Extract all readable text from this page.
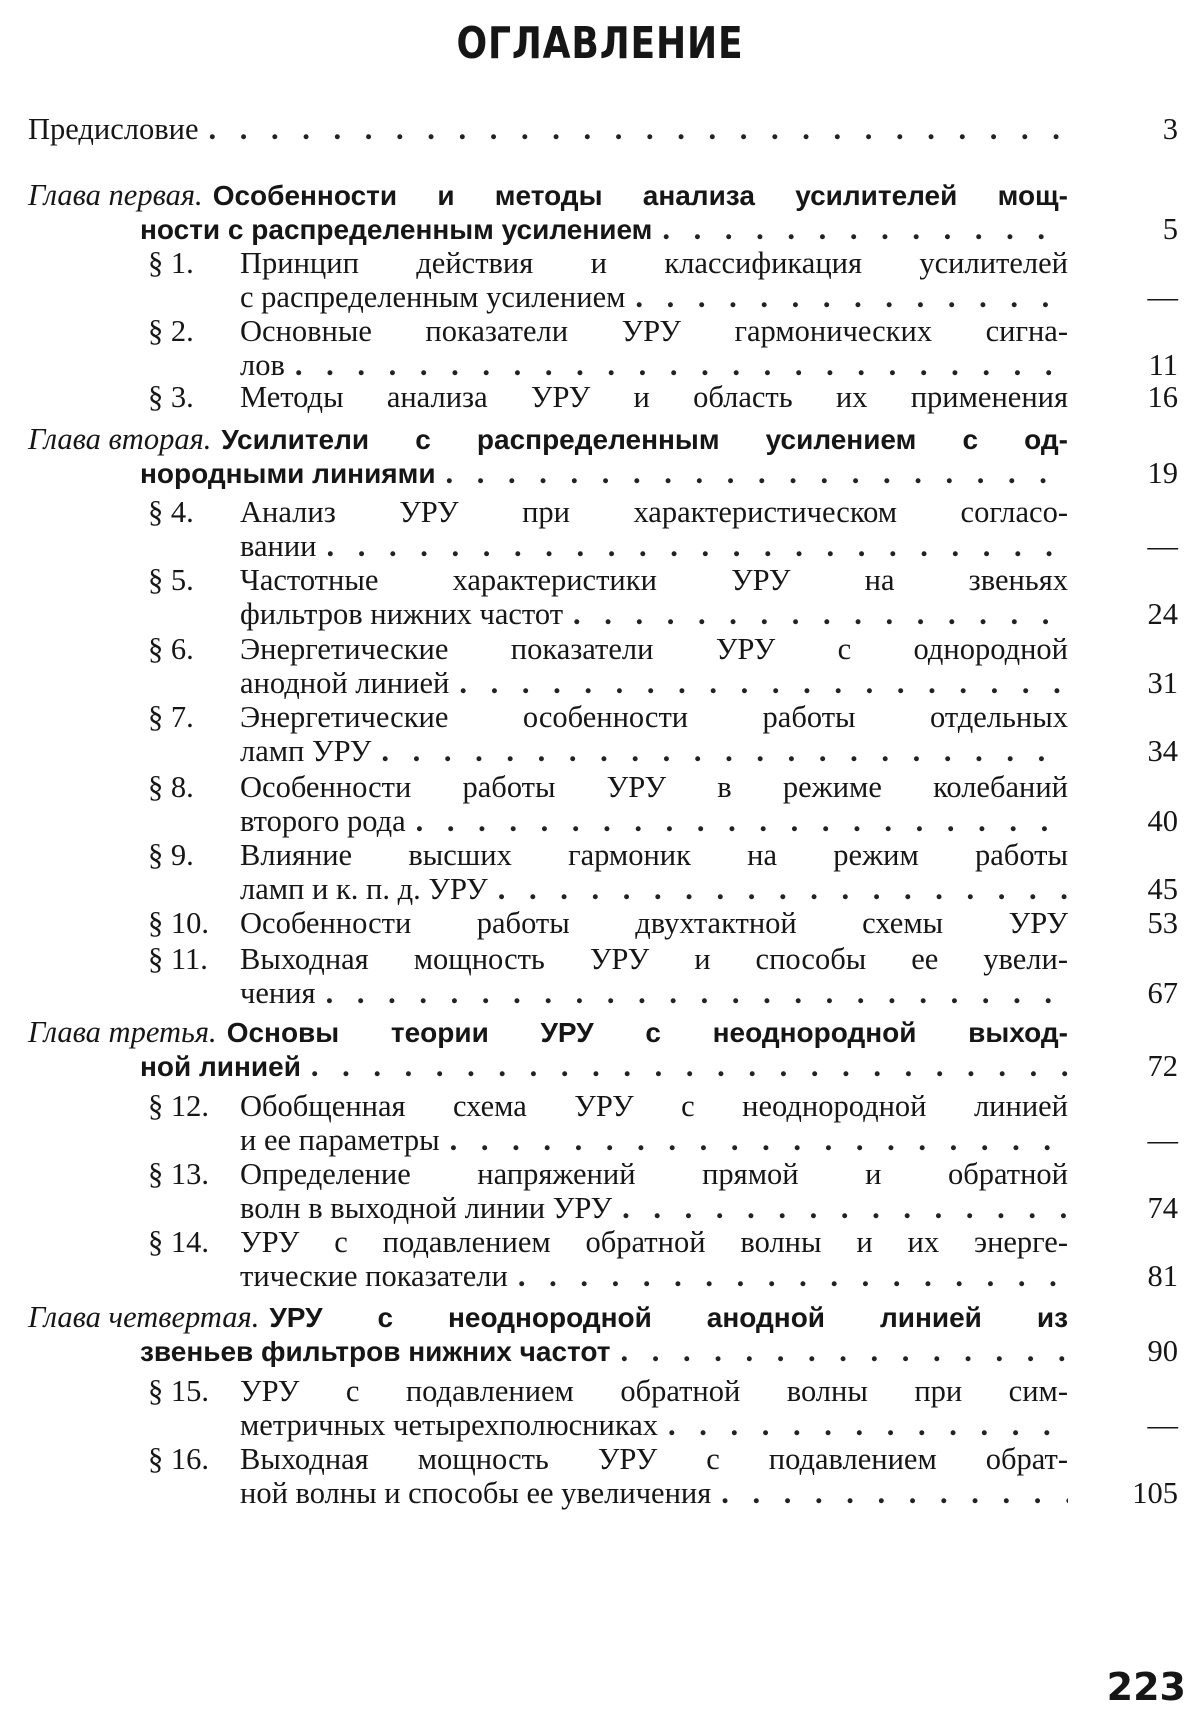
ОГЛАВЛЕНИЕ
Предисловие . . .	3
Глава первая. Особенности и методы анализа усилителей мощ-
ности с распределенным усилением . . .	5
§ 1. Принцип действия и классификация усилителей
с распределенным усилением . . .	—
§ 2. Основные показатели УРУ гармонических сигна-
лов . . .	11
§ 3. Методы анализа УРУ и область их применения	16
Глава вторая. Усилители с распределенным усилением с од-
нородными линиями . . .	19
§ 4. Анализ УРУ при характеристическом согласо-
вании . . .	—
§ 5. Частотные характеристики УРУ на звеньях
фильтров нижних частот . . .	24
§ 6. Энергетические показатели УРУ с однородной
анодной линией . . .	31
§ 7. Энергетические особенности работы отдельных
ламп УРУ . . .	34
§ 8. Особенности работы УРУ в режиме колебаний
второго рода . . .	40
§ 9. Влияние высших гармоник на режим работы
ламп и к. п. д. УРУ . . .	45
§ 10. Особенности работы двухтактной схемы УРУ	53
§ 11. Выходная мощность УРУ и способы ее увели-
чения . . .	67
Глава третья. Основы теории УРУ с неоднородной выход-
ной линией . . .	72
§ 12. Обобщенная схема УРУ с неоднородной линией
и ее параметры . . .	—
§ 13. Определение напряжений прямой и обратной
волн в выходной линии УРУ . . .	74
§ 14. УРУ с подавлением обратной волны и их энерге-
тические показатели . . .	81
Глава четвертая. УРУ с неоднородной анодной линией из
звеньев фильтров нижних частот . . .	90
§ 15. УРУ с подавлением обратной волны при сим-
метричных четырехполюсниках . . .	—
§ 16. Выходная мощность УРУ с подавлением обрат-
ной волны и способы ее увеличения . . .	105
223
